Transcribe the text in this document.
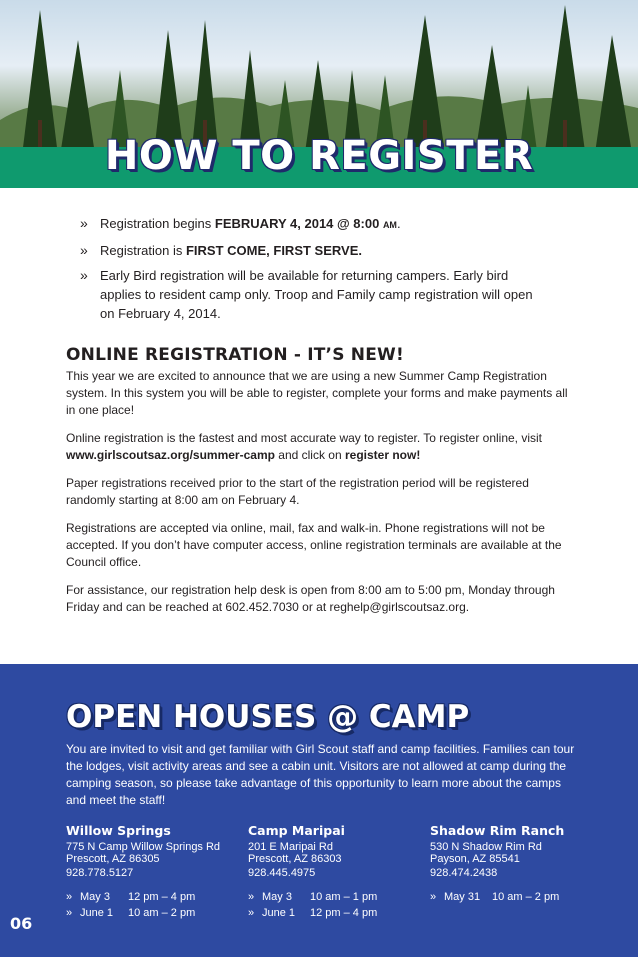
HOW TO REGISTER
» Registration begins FEBRUARY 4, 2014 @ 8:00 AM.
» Registration is FIRST COME, FIRST SERVE.
» Early Bird registration will be available for returning campers. Early bird applies to resident camp only. Troop and Family camp registration will open on February 4, 2014.
ONLINE REGISTRATION - IT’S NEW!

This year we are excited to announce that we are using a new Summer Camp Registration system. In this system you will be able to register, complete your forms and make payments all in one place!

Online registration is the fastest and most accurate way to register. To register online, visit www.girlscoutsaz.org/summer-camp and click on register now!

Paper registrations received prior to the start of the registration period will be registered randomly starting at 8:00 am on February 4.

Registrations are accepted via online, mail, fax and walk-in. Phone registrations will not be accepted. If you don’t have computer access, online registration terminals are available at the Council office.

For assistance, our registration help desk is open from 8:00 am to 5:00 pm, Monday through Friday and can be reached at 602.452.7030 or at reghelp@girlscoutsaz.org.

OPEN HOUSES @ CAMP
You are invited to visit and get familiar with Girl Scout staff and camp facilities. Families can tour the lodges, visit activity areas and see a cabin unit. Visitors are not allowed at camp during the camping season, so please take advantage of this opportunity to learn more about the camps and meet the staff!
Willow Springs
775 N Camp Willow Springs Rd
Prescott, AZ 86305
928.778.5127
» May 3	12 pm – 4 pm
» June 1	10 am – 2 pm
Camp Maripai
201 E Maripai Rd
Prescott, AZ 86303
928.445.4975
» May 3	10 am – 1 pm
» June 1	12 pm – 4 pm
Shadow Rim Ranch
530 N Shadow Rim Rd
Payson, AZ 85541
928.474.2438
» May 31	10 am – 2 pm
06
